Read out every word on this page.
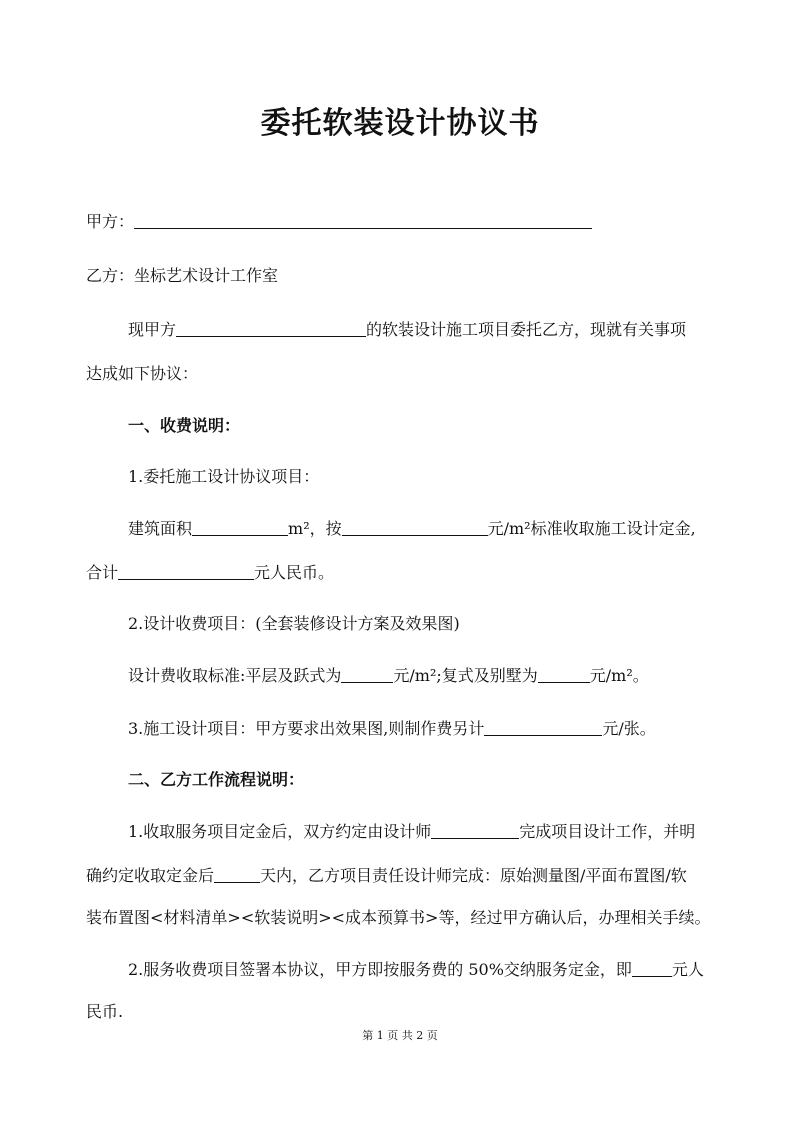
委托软装设计协议书
甲方：
乙方：坐标艺术设计工作室
现甲方	的软装设计施工项目委托乙方，现就有关事项
达成如下协议：
一、收费说明：
1.委托施工设计协议项目：
建筑面积	m²，按	元/m²标准收取施工设计定金,
合计	元人民币。
2.设计收费项目：(全套装修设计方案及效果图)
设计费收取标准:平层及跃式为	元/m²;复式及别墅为	元/m²。
3.施工设计项目：甲方要求出效果图,则制作费另计	元/张。
二、乙方工作流程说明：
1.收取服务项目定金后，双方约定由设计师	完成项目设计工作，并明
确约定收取定金后	天内，乙方项目责任设计师完成：原始测量图/平面布置图/软
装布置图<材料清单><软装说明><成本预算书>等，经过甲方确认后，办理相关手续。
2.服务收费项目签署本协议，甲方即按服务费的 50%交纳服务定金，即	元人
民币.
第 1 页 共 2 页
